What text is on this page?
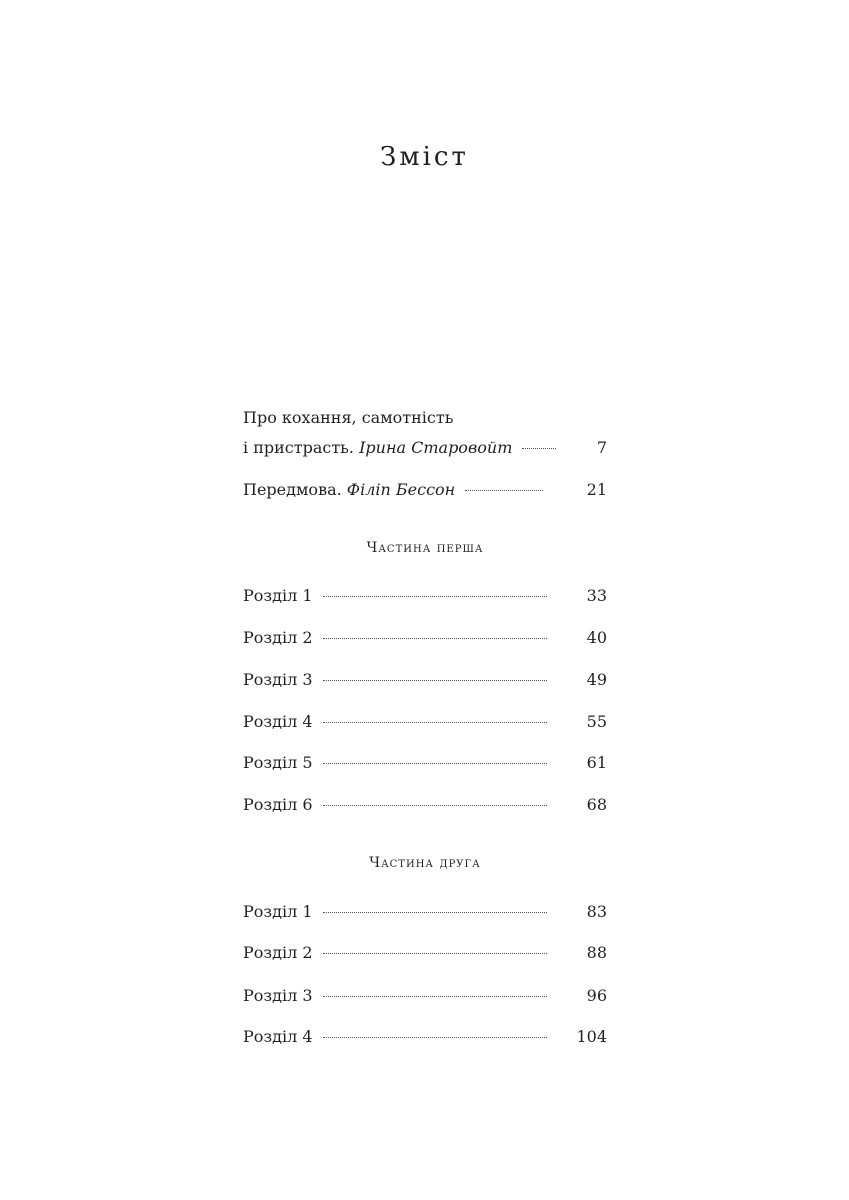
Зміст
Про кохання, самотність
і пристрасть. Ірина Старовойт	7
Передмова. Філіп Бессон	21
Частина перша
Розділ 1	33
Розділ 2	40
Розділ 3	49
Розділ 4	55
Розділ 5	61
Розділ 6	68
Частина друга
Розділ 1	83
Розділ 2	88
Розділ 3	96
Розділ 4	104
